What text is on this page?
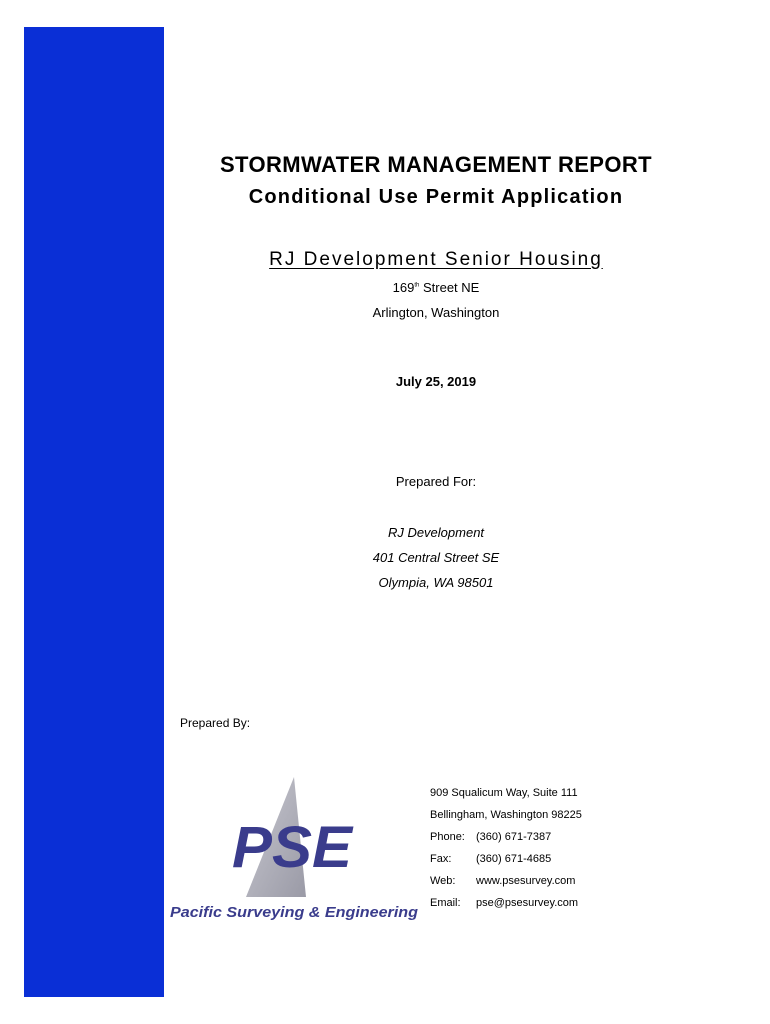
STORMWATER MANAGEMENT REPORT
Conditional Use Permit Application
RJ Development Senior Housing
169th Street NE
Arlington, Washington
July 25, 2019
Prepared For:
RJ Development
401 Central Street SE
Olympia, WA 98501
Prepared By:
PSE
Pacific Surveying & Engineering
909 Squalicum Way, Suite 111
Bellingham, Washington 98225
Phone: (360) 671-7387
Fax: (360) 671-4685
Web: www.psesurvey.com
Email: pse@psesurvey.com
